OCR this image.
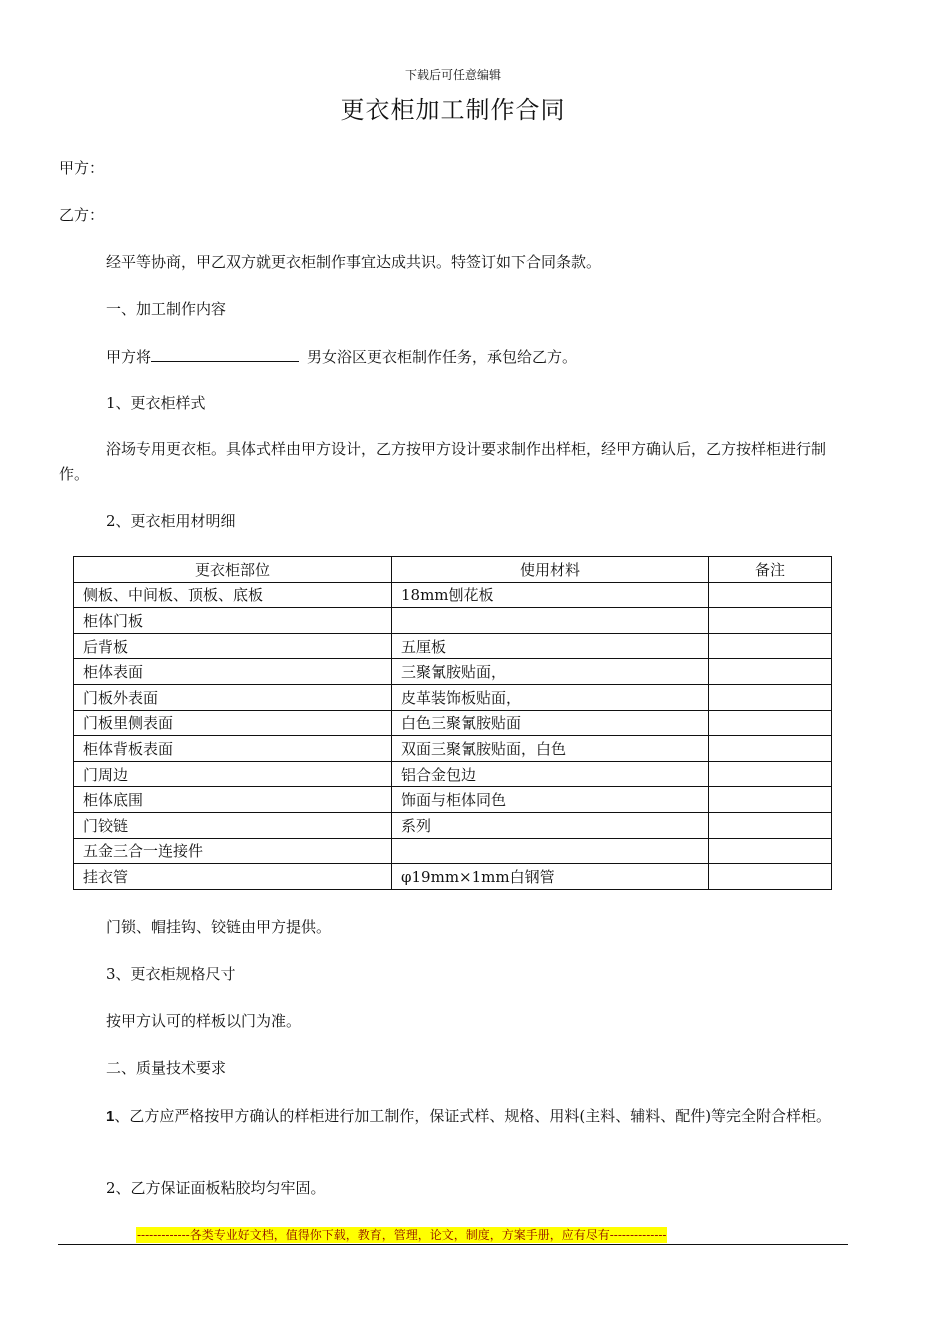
下载后可任意编辑
更衣柜加工制作合同
甲方：
乙方：
经平等协商，甲乙双方就更衣柜制作事宜达成共识。特签订如下合同条款。
一、加工制作内容
甲方将	男女浴区更衣柜制作任务，承包给乙方。
1、更衣柜样式
浴场专用更衣柜。具体式样由甲方设计，乙方按甲方设计要求制作出样柜，经甲方确认后，乙方按样柜进行制作。
2、更衣柜用材明细
更衣柜部位	使用材料	备注
侧板、中间板、顶板、底板	18mm刨花板	
柜体门板		
后背板	五厘板	
柜体表面	三聚氰胺贴面，	
门板外表面	皮革装饰板贴面，	
门板里侧表面	白色三聚氰胺贴面	
柜体背板表面	双面三聚氰胺贴面，白色	
门周边	铝合金包边	
柜体底围	饰面与柜体同色	
门铰链	系列	
五金三合一连接件		
挂衣管	φ19mm×1mm白钢管	
门锁、帽挂钩、铰链由甲方提供。
3、更衣柜规格尺寸
按甲方认可的样板以门为准。
二、质量技术要求
1、乙方应严格按甲方确认的样柜进行加工制作，保证式样、规格、用料(主料、辅料、配件)等完全附合样柜。
2、乙方保证面板粘胶均匀牢固。
-------------各类专业好文档，值得你下载，教育，管理，论文，制度，方案手册，应有尽有--------------
